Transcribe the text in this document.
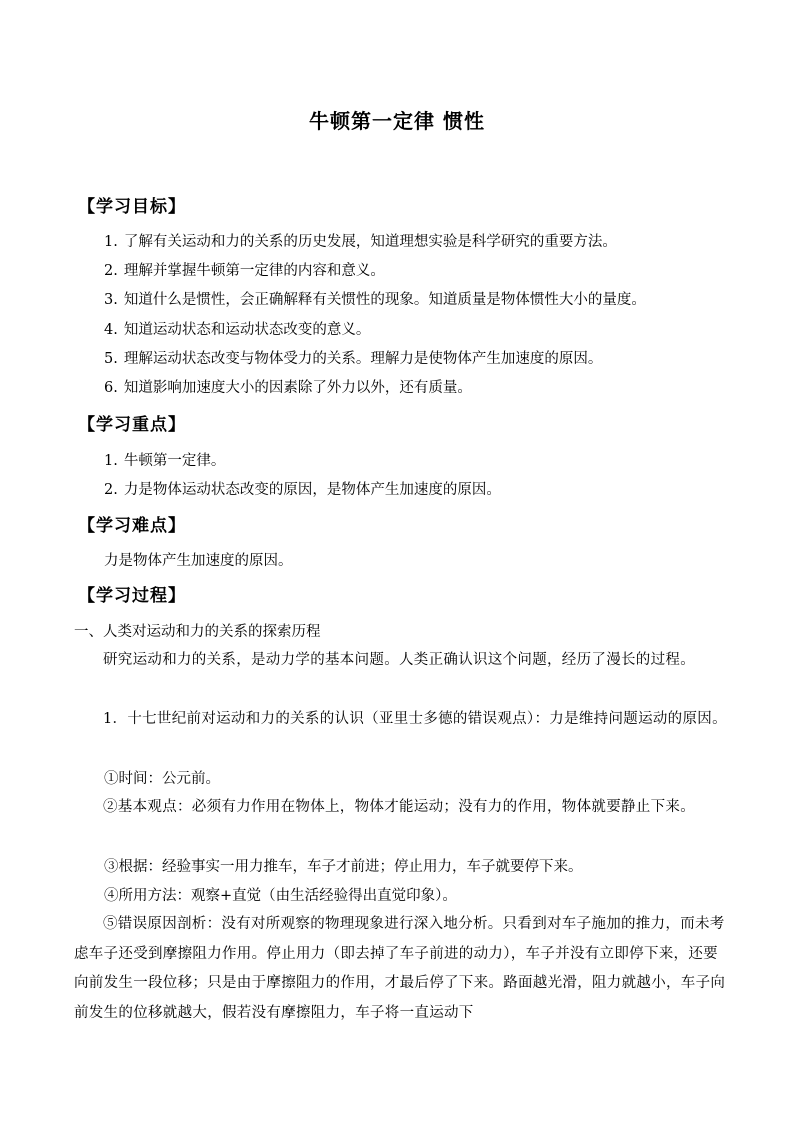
牛顿第一定律 惯性
【学习目标】
1. 了解有关运动和力的关系的历史发展，知道理想实验是科学研究的重要方法。
2. 理解并掌握牛顿第一定律的内容和意义。
3. 知道什么是惯性，会正确解释有关惯性的现象。知道质量是物体惯性大小的量度。
4. 知道运动状态和运动状态改变的意义。
5. 理解运动状态改变与物体受力的关系。理解力是使物体产生加速度的原因。
6. 知道影响加速度大小的因素除了外力以外，还有质量。
【学习重点】
1. 牛顿第一定律。
2. 力是物体运动状态改变的原因，是物体产生加速度的原因。
【学习难点】
力是物体产生加速度的原因。
【学习过程】
一、人类对运动和力的关系的探索历程
研究运动和力的关系，是动力学的基本问题。人类正确认识这个问题，经历了漫长的过程。
1．十七世纪前对运动和力的关系的认识（亚里士多德的错误观点）：力是维持问题运动的原因。
①时间：公元前。
②基本观点：必须有力作用在物体上，物体才能运动；没有力的作用，物体就要静止下来。
③根据：经验事实一用力推车，车子才前进；停止用力，车子就要停下来。
④所用方法：观察+直觉（由生活经验得出直觉印象）。
⑤错误原因剖析：没有对所观察的物理现象进行深入地分析。只看到对车子施加的推力，而未考虑车子还受到摩擦阻力作用。停止用力（即去掉了车子前进的动力），车子并没有立即停下来，还要向前发生一段位移；只是由于摩擦阻力的作用，才最后停了下来。路面越光滑，阻力就越小，车子向前发生的位移就越大，假若没有摩擦阻力，车子将一直运动下
